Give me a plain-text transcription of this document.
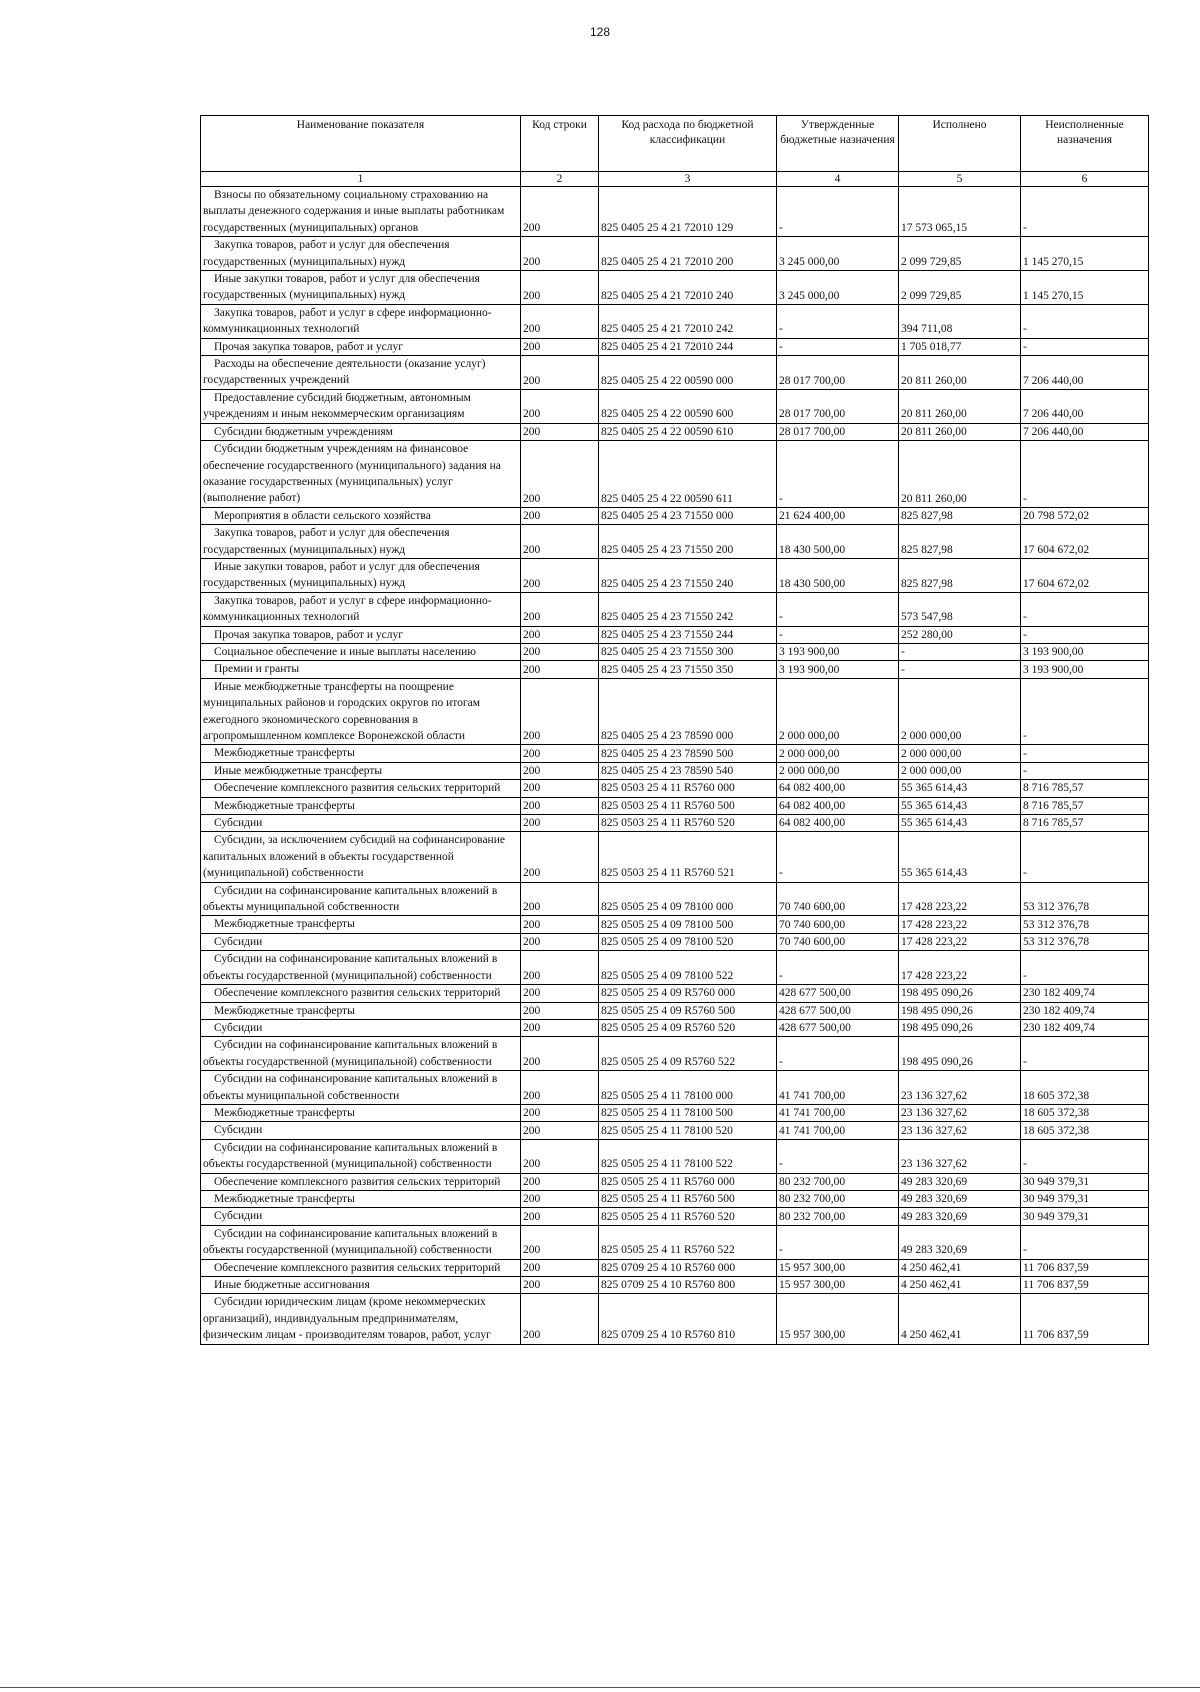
128
Наименование показателя	Код строки	Код расхода по бюджетной классификации	Утвержденные бюджетные назначения	Исполнено	Неисполненные назначения
1	2	3	4	5	6
Взносы по обязательному социальному страхованию на выплаты денежного содержания и иные выплаты работникам государственных (муниципальных) органов	200	825 0405 25 4 21 72010 129	-	17 573 065,15	-
Закупка товаров, работ и услуг для обеспечения государственных (муниципальных) нужд	200	825 0405 25 4 21 72010 200	3 245 000,00	2 099 729,85	1 145 270,15
Иные закупки товаров, работ и услуг для обеспечения государственных (муниципальных) нужд	200	825 0405 25 4 21 72010 240	3 245 000,00	2 099 729,85	1 145 270,15
Закупка товаров, работ и услуг в сфере информационно-коммуникационных технологий	200	825 0405 25 4 21 72010 242	-	394 711,08	-
Прочая закупка товаров, работ и услуг	200	825 0405 25 4 21 72010 244	-	1 705 018,77	-
Расходы на обеспечение деятельности (оказание услуг) государственных учреждений	200	825 0405 25 4 22 00590 000	28 017 700,00	20 811 260,00	7 206 440,00
Предоставление субсидий бюджетным, автономным учреждениям и иным некоммерческим организациям	200	825 0405 25 4 22 00590 600	28 017 700,00	20 811 260,00	7 206 440,00
Субсидии бюджетным учреждениям	200	825 0405 25 4 22 00590 610	28 017 700,00	20 811 260,00	7 206 440,00
Субсидии бюджетным учреждениям на финансовое обеспечение государственного (муниципального) задания на оказание государственных (муниципальных) услуг (выполнение работ)	200	825 0405 25 4 22 00590 611	-	20 811 260,00	-
Мероприятия в области сельского хозяйства	200	825 0405 25 4 23 71550 000	21 624 400,00	825 827,98	20 798 572,02
Закупка товаров, работ и услуг для обеспечения государственных (муниципальных) нужд	200	825 0405 25 4 23 71550 200	18 430 500,00	825 827,98	17 604 672,02
Иные закупки товаров, работ и услуг для обеспечения государственных (муниципальных) нужд	200	825 0405 25 4 23 71550 240	18 430 500,00	825 827,98	17 604 672,02
Закупка товаров, работ и услуг в сфере информационно-коммуникационных технологий	200	825 0405 25 4 23 71550 242	-	573 547,98	-
Прочая закупка товаров, работ и услуг	200	825 0405 25 4 23 71550 244	-	252 280,00	-
Социальное обеспечение и иные выплаты населению	200	825 0405 25 4 23 71550 300	3 193 900,00	-	3 193 900,00
Премии и гранты	200	825 0405 25 4 23 71550 350	3 193 900,00	-	3 193 900,00
Иные межбюджетные трансферты на поощрение муниципальных районов и городских округов по итогам ежегодного экономического соревнования в агропромышленном комплексе Воронежской области	200	825 0405 25 4 23 78590 000	2 000 000,00	2 000 000,00	-
Межбюджетные трансферты	200	825 0405 25 4 23 78590 500	2 000 000,00	2 000 000,00	-
Иные межбюджетные трансферты	200	825 0405 25 4 23 78590 540	2 000 000,00	2 000 000,00	-
Обеспечение комплексного развития сельских территорий	200	825 0503 25 4 11 R5760 000	64 082 400,00	55 365 614,43	8 716 785,57
Межбюджетные трансферты	200	825 0503 25 4 11 R5760 500	64 082 400,00	55 365 614,43	8 716 785,57
Субсидии	200	825 0503 25 4 11 R5760 520	64 082 400,00	55 365 614,43	8 716 785,57
Субсидии, за исключением субсидий на софинансирование капитальных вложений в объекты государственной (муниципальной) собственности	200	825 0503 25 4 11 R5760 521	-	55 365 614,43	-
Субсидии на софинансирование капитальных вложений в объекты муниципальной собственности	200	825 0505 25 4 09 78100 000	70 740 600,00	17 428 223,22	53 312 376,78
Межбюджетные трансферты	200	825 0505 25 4 09 78100 500	70 740 600,00	17 428 223,22	53 312 376,78
Субсидии	200	825 0505 25 4 09 78100 520	70 740 600,00	17 428 223,22	53 312 376,78
Субсидии на софинансирование капитальных вложений в объекты государственной (муниципальной) собственности	200	825 0505 25 4 09 78100 522	-	17 428 223,22	-
Обеспечение комплексного развития сельских территорий	200	825 0505 25 4 09 R5760 000	428 677 500,00	198 495 090,26	230 182 409,74
Межбюджетные трансферты	200	825 0505 25 4 09 R5760 500	428 677 500,00	198 495 090,26	230 182 409,74
Субсидии	200	825 0505 25 4 09 R5760 520	428 677 500,00	198 495 090,26	230 182 409,74
Субсидии на софинансирование капитальных вложений в объекты государственной (муниципальной) собственности	200	825 0505 25 4 09 R5760 522	-	198 495 090,26	-
Субсидии на софинансирование капитальных вложений в объекты муниципальной собственности	200	825 0505 25 4 11 78100 000	41 741 700,00	23 136 327,62	18 605 372,38
Межбюджетные трансферты	200	825 0505 25 4 11 78100 500	41 741 700,00	23 136 327,62	18 605 372,38
Субсидии	200	825 0505 25 4 11 78100 520	41 741 700,00	23 136 327,62	18 605 372,38
Субсидии на софинансирование капитальных вложений в объекты государственной (муниципальной) собственности	200	825 0505 25 4 11 78100 522	-	23 136 327,62	-
Обеспечение комплексного развития сельских территорий	200	825 0505 25 4 11 R5760 000	80 232 700,00	49 283 320,69	30 949 379,31
Межбюджетные трансферты	200	825 0505 25 4 11 R5760 500	80 232 700,00	49 283 320,69	30 949 379,31
Субсидии	200	825 0505 25 4 11 R5760 520	80 232 700,00	49 283 320,69	30 949 379,31
Субсидии на софинансирование капитальных вложений в объекты государственной (муниципальной) собственности	200	825 0505 25 4 11 R5760 522	-	49 283 320,69	-
Обеспечение комплексного развития сельских территорий	200	825 0709 25 4 10 R5760 000	15 957 300,00	4 250 462,41	11 706 837,59
Иные бюджетные ассигнования	200	825 0709 25 4 10 R5760 800	15 957 300,00	4 250 462,41	11 706 837,59
Субсидии юридическим лицам (кроме некоммерческих организаций), индивидуальным предпринимателям, физическим лицам - производителям товаров, работ, услуг	200	825 0709 25 4 10 R5760 810	15 957 300,00	4 250 462,41	11 706 837,59
